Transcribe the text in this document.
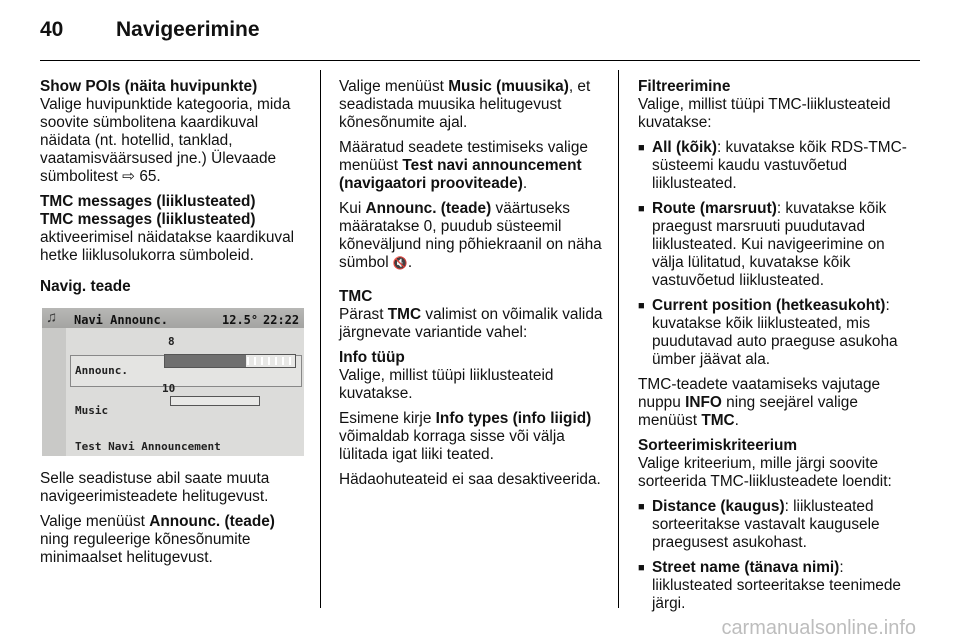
40	Navigeerimine

Show POIs (näita huvipunkte)
Valige huvipunktide kategooria, mida soovite sümbolitena kaardikuval näidata (nt. hotellid, tanklad, vaatamisväärsused jne.) Ülevaade sümbolitest ⇨ 65.

TMC messages (liiklusteated)
TMC messages (liiklusteated)
aktiveerimisel näidatakse kaardikuval hetke liiklusolukorra sümboleid.

Navig. teade

♫ Navi Announc.	12.5° 22:22
8
Announc.
10
Music
Test Navi Announcement

Selle seadistuse abil saate muuta navigeerimisteadete helitugevust.

Valige menüüst Announc. (teade) ning reguleerige kõnesõnumite minimaalset helitugevust.

Valige menüüst Music (muusika), et seadistada muusika helitugevust kõnesõnumite ajal.

Määratud seadete testimiseks valige menüüst Test navi announcement (navigaatori prooviteade).

Kui Announc. (teade) väärtuseks määratakse 0, puudub süsteemil kõneväljund ning põhiekraanil on näha sümbol 🔇.

TMC
Pärast TMC valimist on võimalik valida järgnevate variantide vahel:

Info tüüp
Valige, millist tüüpi liiklusteateid kuvatakse.

Esimene kirje Info types (info liigid) võimaldab korraga sisse või välja lülitada igat liiki teated.

Hädaohuteateid ei saa desaktiveerida.

Filtreerimine
Valige, millist tüüpi TMC-liiklusteateid kuvatakse:

■ All (kõik): kuvatakse kõik RDS-TMC-süsteemi kaudu vastuvõetud liiklusteated.
■ Route (marsruut): kuvatakse kõik praegust marsruuti puudutavad liiklusteated. Kui navigeerimine on välja lülitatud, kuvatakse kõik vastuvõetud liiklusteated.
■ Current position (hetkeasukoht): kuvatakse kõik liiklusteated, mis puudutavad auto praeguse asukoha ümber jäävat ala.

TMC-teadete vaatamiseks vajutage nuppu INFO ning seejärel valige menüüst TMC.

Sorteerimiskriteerium
Valige kriteerium, mille järgi soovite sorteerida TMC-liiklusteadete loendit:

■ Distance (kaugus): liiklusteated sorteeritakse vastavalt kaugusele praegusest asukohast.
■ Street name (tänava nimi): liiklusteated sorteeritakse teenimede järgi.
carmanualsonline.info
